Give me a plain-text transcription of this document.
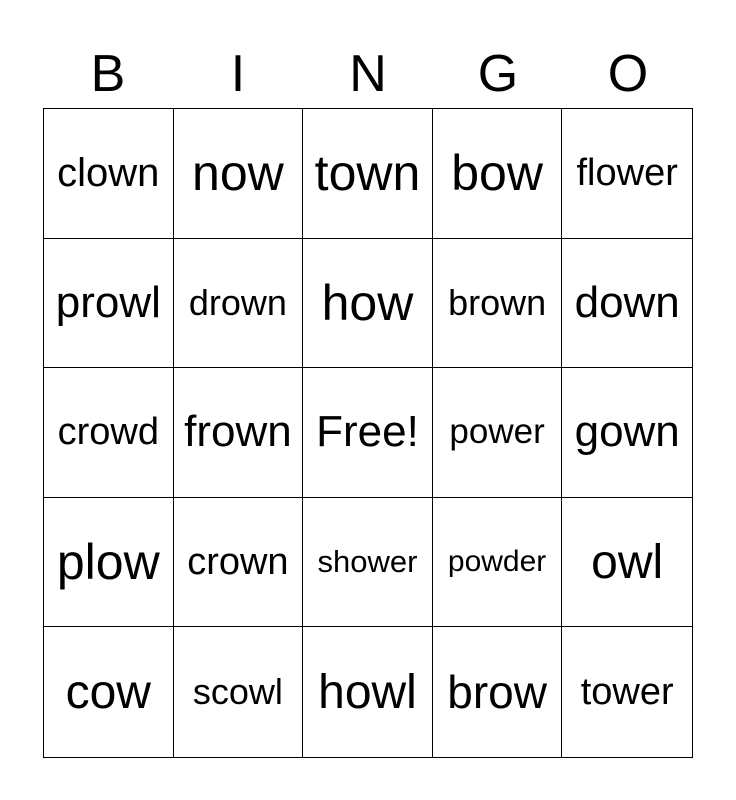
B	I	N	G	O
clown now town bow flower
prowl drown how brown down
crowd frown Free! power gown
plow crown shower	powder owl
cow	scowl howl brow tower
